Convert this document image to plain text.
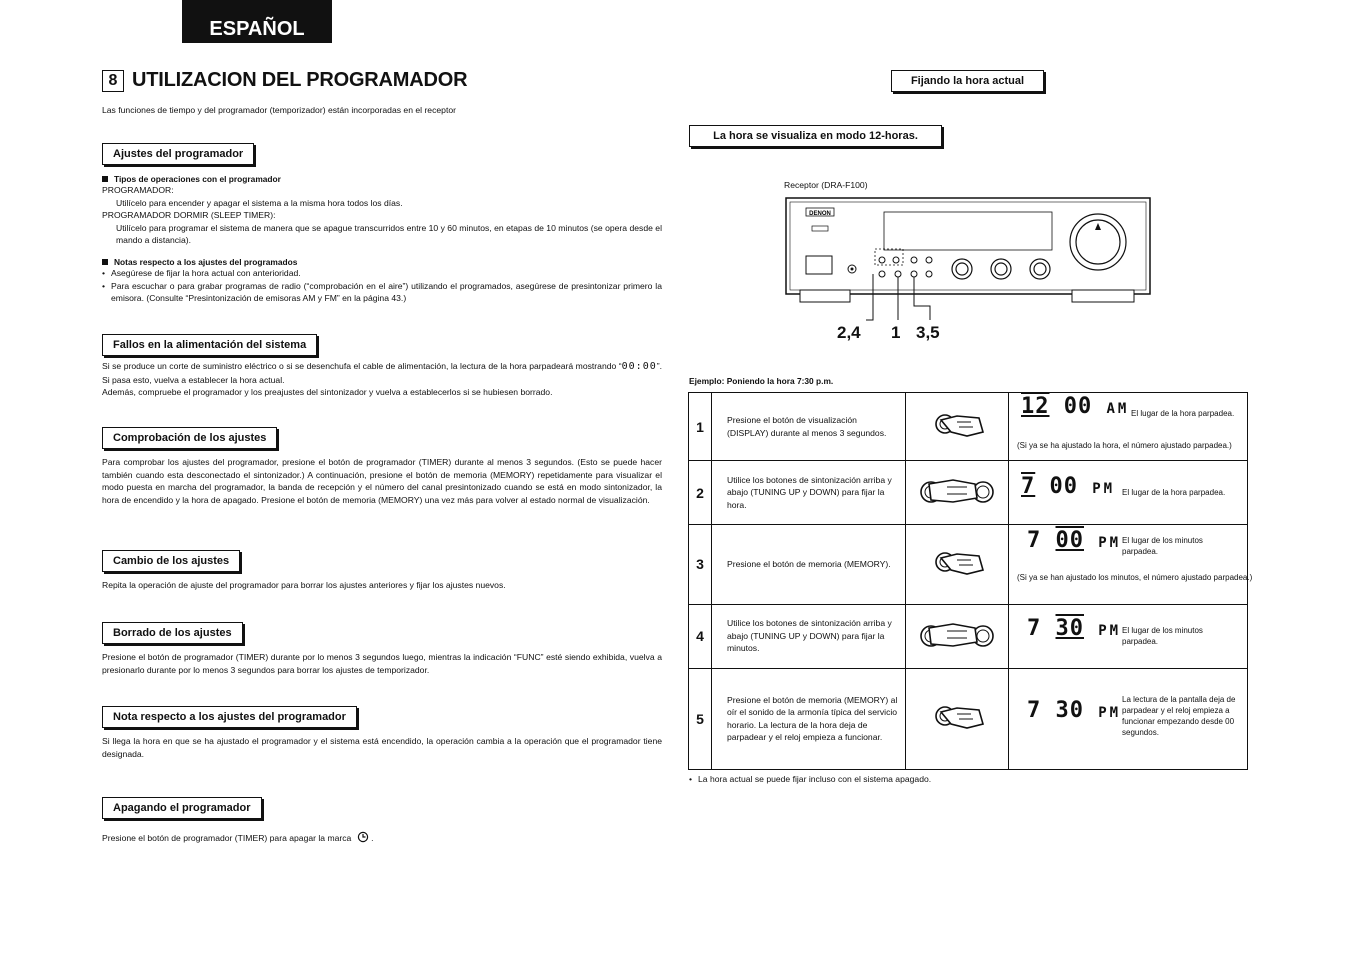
ESPAÑOL
8 UTILIZACION DEL PROGRAMADOR
Las funciones de tiempo y del programador (temporizador) están incorporadas en el receptor
Ajustes del programador
Tipos de operaciones con el programador
PROGRAMADOR:
Utilícelo para encender y apagar el sistema a la misma hora todos los días.
PROGRAMADOR DORMIR (SLEEP TIMER):
Utilícelo para programar el sistema de manera que se apague transcurridos entre 10 y 60 minutos, en etapas de 10 minutos (se opera desde el mando a distancia).
Notas respecto a los ajustes del programados
• Asegúrese de fijar la hora actual con anterioridad.
• Para escuchar o para grabar programas de radio (“comprobación en el aire”) utilizando el programados, asegúrese de presintonizar primero la emisora. (Consulte “Presintonización de emisoras AM y FM” en la página 43.)
Fallos en la alimentación del sistema
Si se produce un corte de suministro eléctrico o si se desenchufa el cable de alimentación, la lectura de la hora parpadeará mostrando “00:00”. Si pasa esto, vuelva a establecer la hora actual.
Además, compruebe el programador y los preajustes del sintonizador y vuelva a establecerlos si se hubiesen borrado.
Comprobación de los ajustes
Para comprobar los ajustes del programador, presione el botón de programador (TIMER) durante al menos 3 segundos. (Esto se puede hacer también cuando esta desconectado el sintonizador.) A continuación, presione el botón de memoria (MEMORY) repetidamente para visualizar el modo puesta en marcha del programador, la banda de recepción y el número del canal presintonizado cuando se está en modo sintonizador, la hora de encendido y la hora de apagado. Presione el botón de memoria (MEMORY) una vez más para volver al estado normal de visualización.
Cambio de los ajustes
Repita la operación de ajuste del programador para borrar los ajustes anteriores y fijar los ajustes nuevos.
Borrado de los ajustes
Presione el botón de programador (TIMER) durante por lo menos 3 segundos luego, mientras la indicación “FUNC” esté siendo exhibida, vuelva a presionarlo durante por lo menos 3 segundos para borrar los ajustes de temporizador.
Nota respecto a los ajustes del programador
Si llega la hora en que se ha ajustado el programador y el sistema está encendido, la operación cambia a la operación que el programador tiene designada.
Apagando el programador
Presione el botón de programador (TIMER) para apagar la marca  .
Fijando la hora actual
La hora se visualiza en modo 12-horas.
Receptor (DRA-F100)
DENON
2,4 1 3,5
Ejemplo: Poniendo la hora 7:30 p.m.
1	Presione el botón de visualización (DISPLAY) durante al menos 3 segundos.		12 00 AM El lugar de la hora parpadea.
(Si ya se ha ajustado la hora, el número ajustado parpadea.)

2	Utilice los botones de sintonización arriba y abajo (TUNING UP y DOWN) para fijar la hora.		7 00 PM El lugar de la hora parpadea.

3	Presione el botón de memoria (MEMORY).		7 00 PM El lugar de los minutos parpadea.
(Si ya se han ajustado los minutos, el número ajustado parpadea.)

4	Utilice los botones de sintonización arriba y abajo (TUNING UP y DOWN) para fijar la minutos.		7 30 PM El lugar de los minutos parpadea.

5	Presione el botón de memoria (MEMORY) al oír el sonido de la armonía típica del servicio horario. La lectura de la hora deja de parpadear y el reloj empieza a funcionar.		7 30 PM
La lectura de la pantalla deja de parpadear y el reloj empieza a funcionar empezando desde 00 segundos.
• La hora actual se puede fijar incluso con el sistema apagado.
